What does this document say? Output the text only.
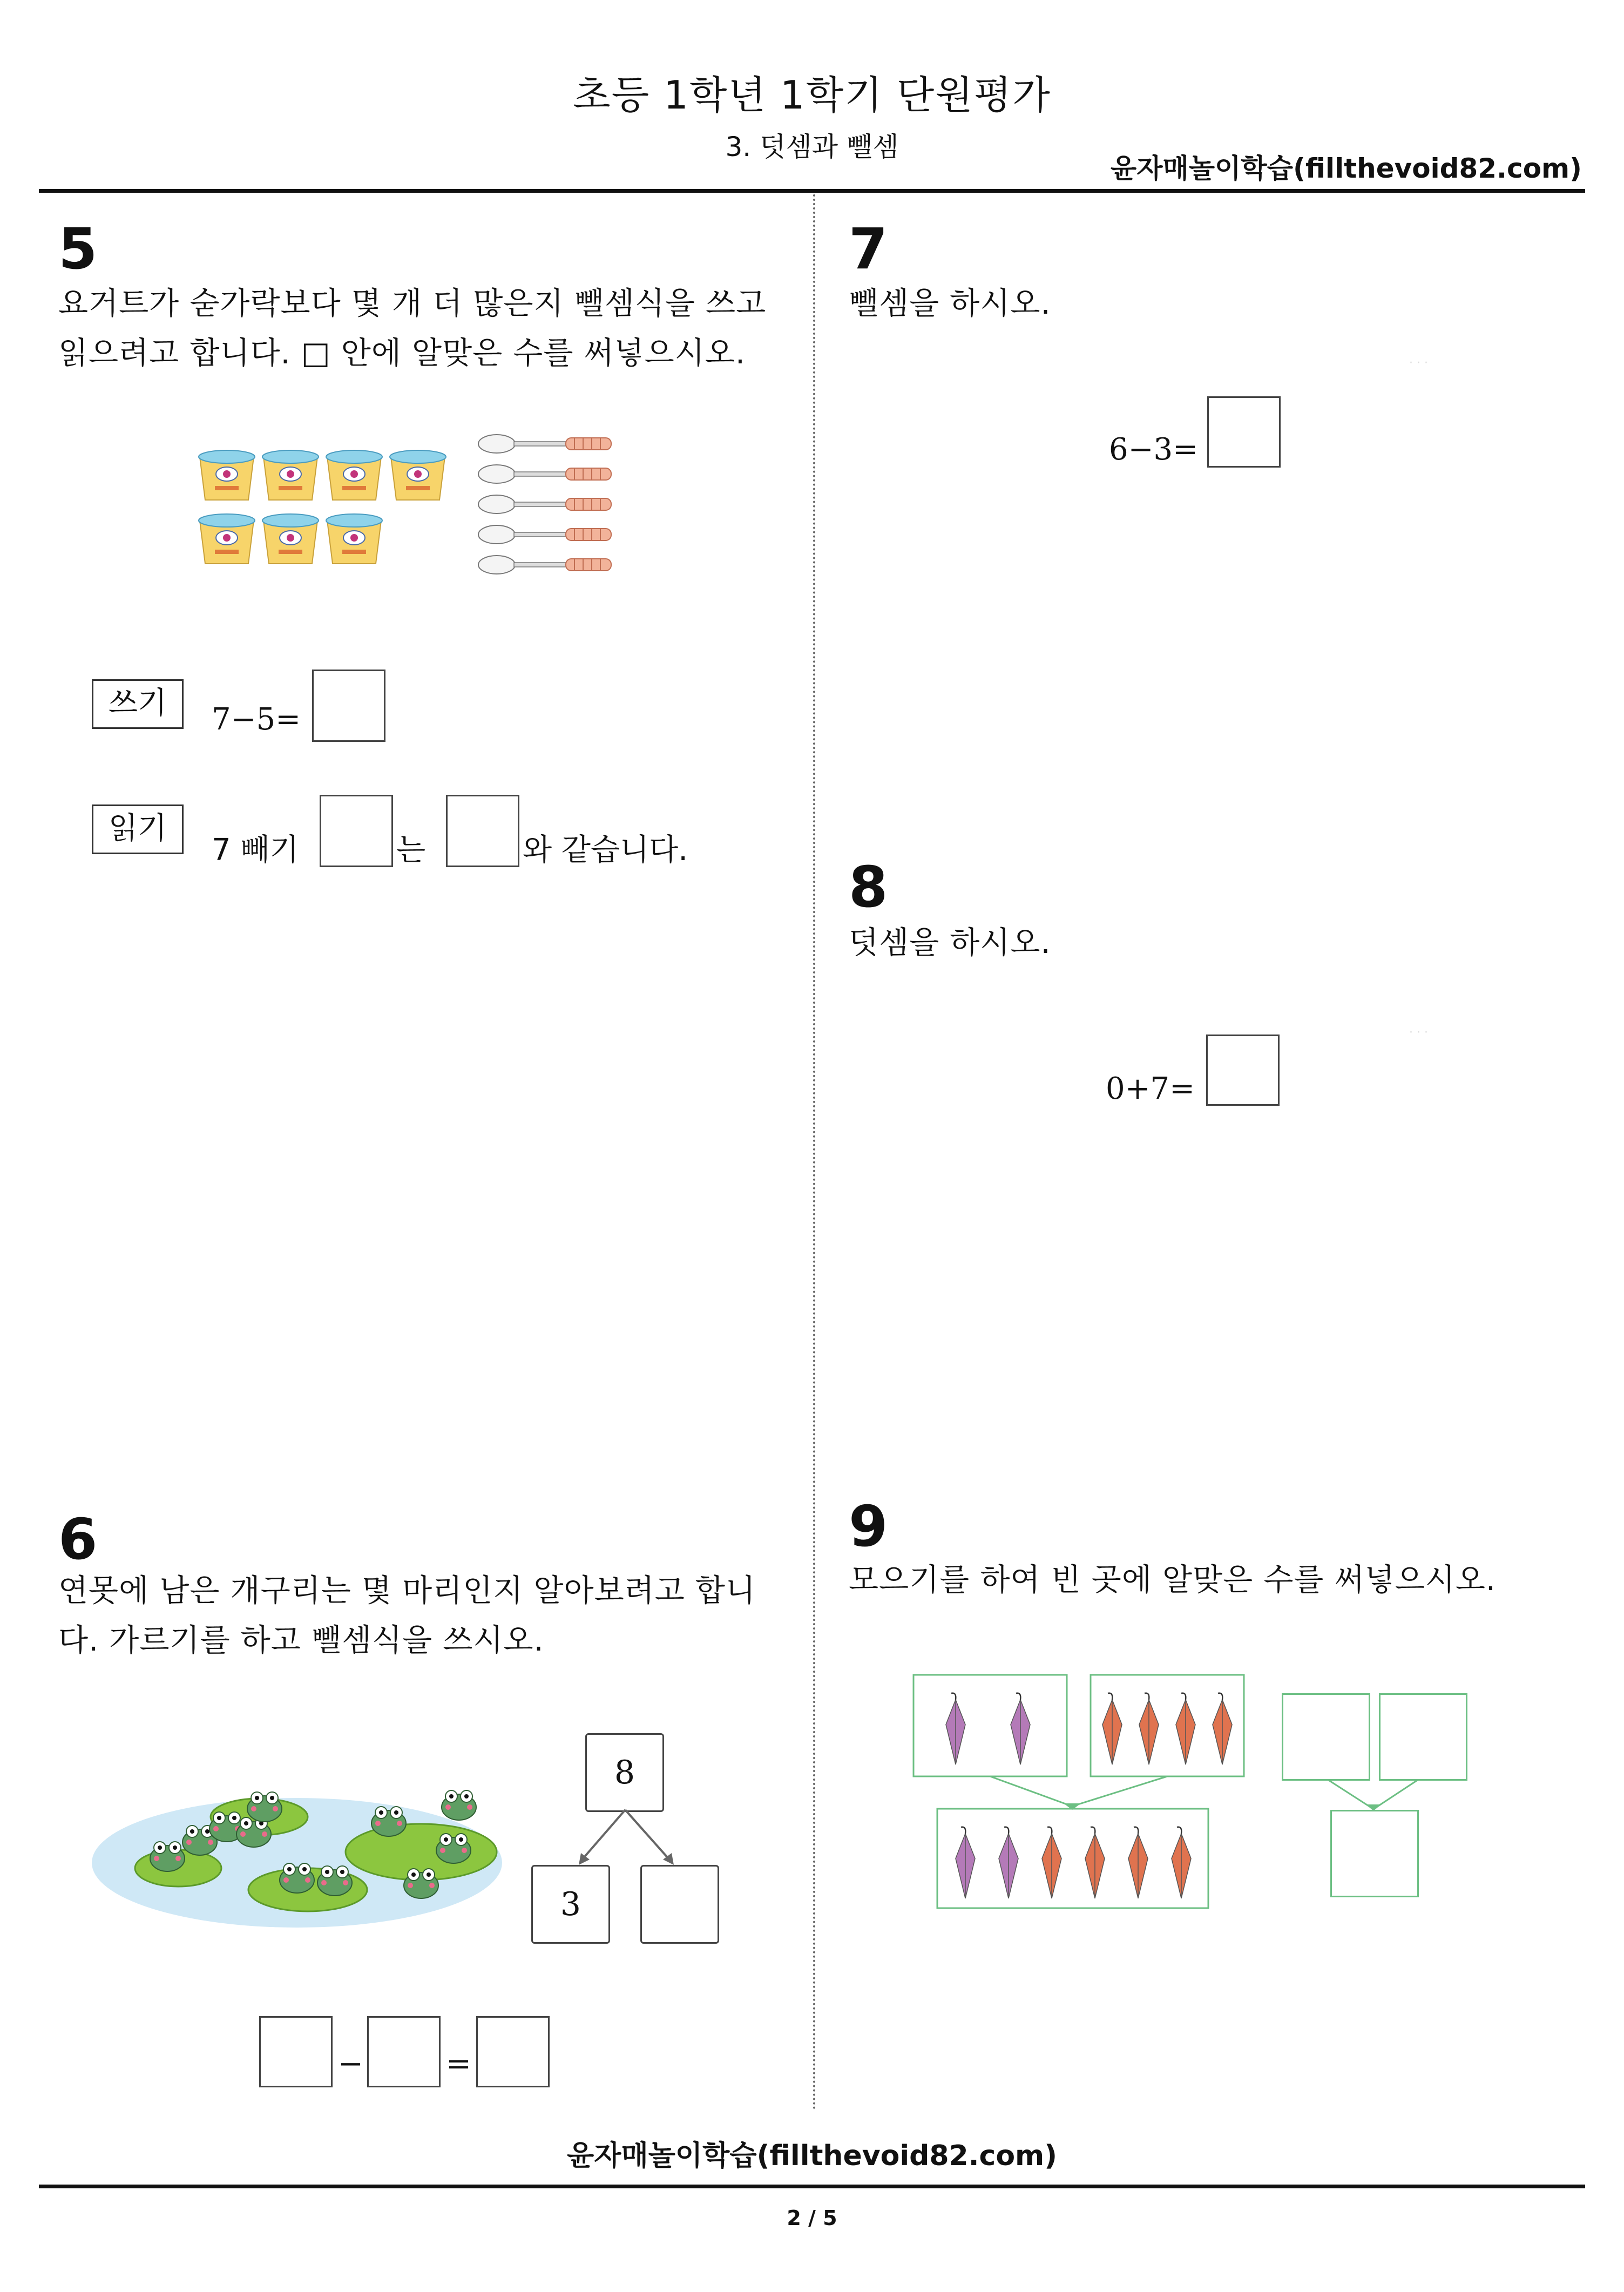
초등 1학년 1학기 단원평가
3. 덧셈과 뺄셈
윤자매놀이학습(fillthevoid82.com)
5
요거트가 숟가락보다 몇 개 더 많은지 뺄셈식을 쓰고 읽으려고 합니다. □ 안에 알맞은 수를 써넣으시오.
쓰기	7−5=
읽기
7 빼기	는	와 같습니다.
6
연못에 남은 개구리는 몇 마리인지 알아보려고 합니다. 가르기를 하고 뺄셈식을 쓰시오.
8
3
−	=
7
뺄셈을 하시오.
6−3=
· · ·
8
덧셈을 하시오.
0+7=
· · ·
9
모으기를 하여 빈 곳에 알맞은 수를 써넣으시오.
윤자매놀이학습(fillthevoid82.com)
2 / 5
